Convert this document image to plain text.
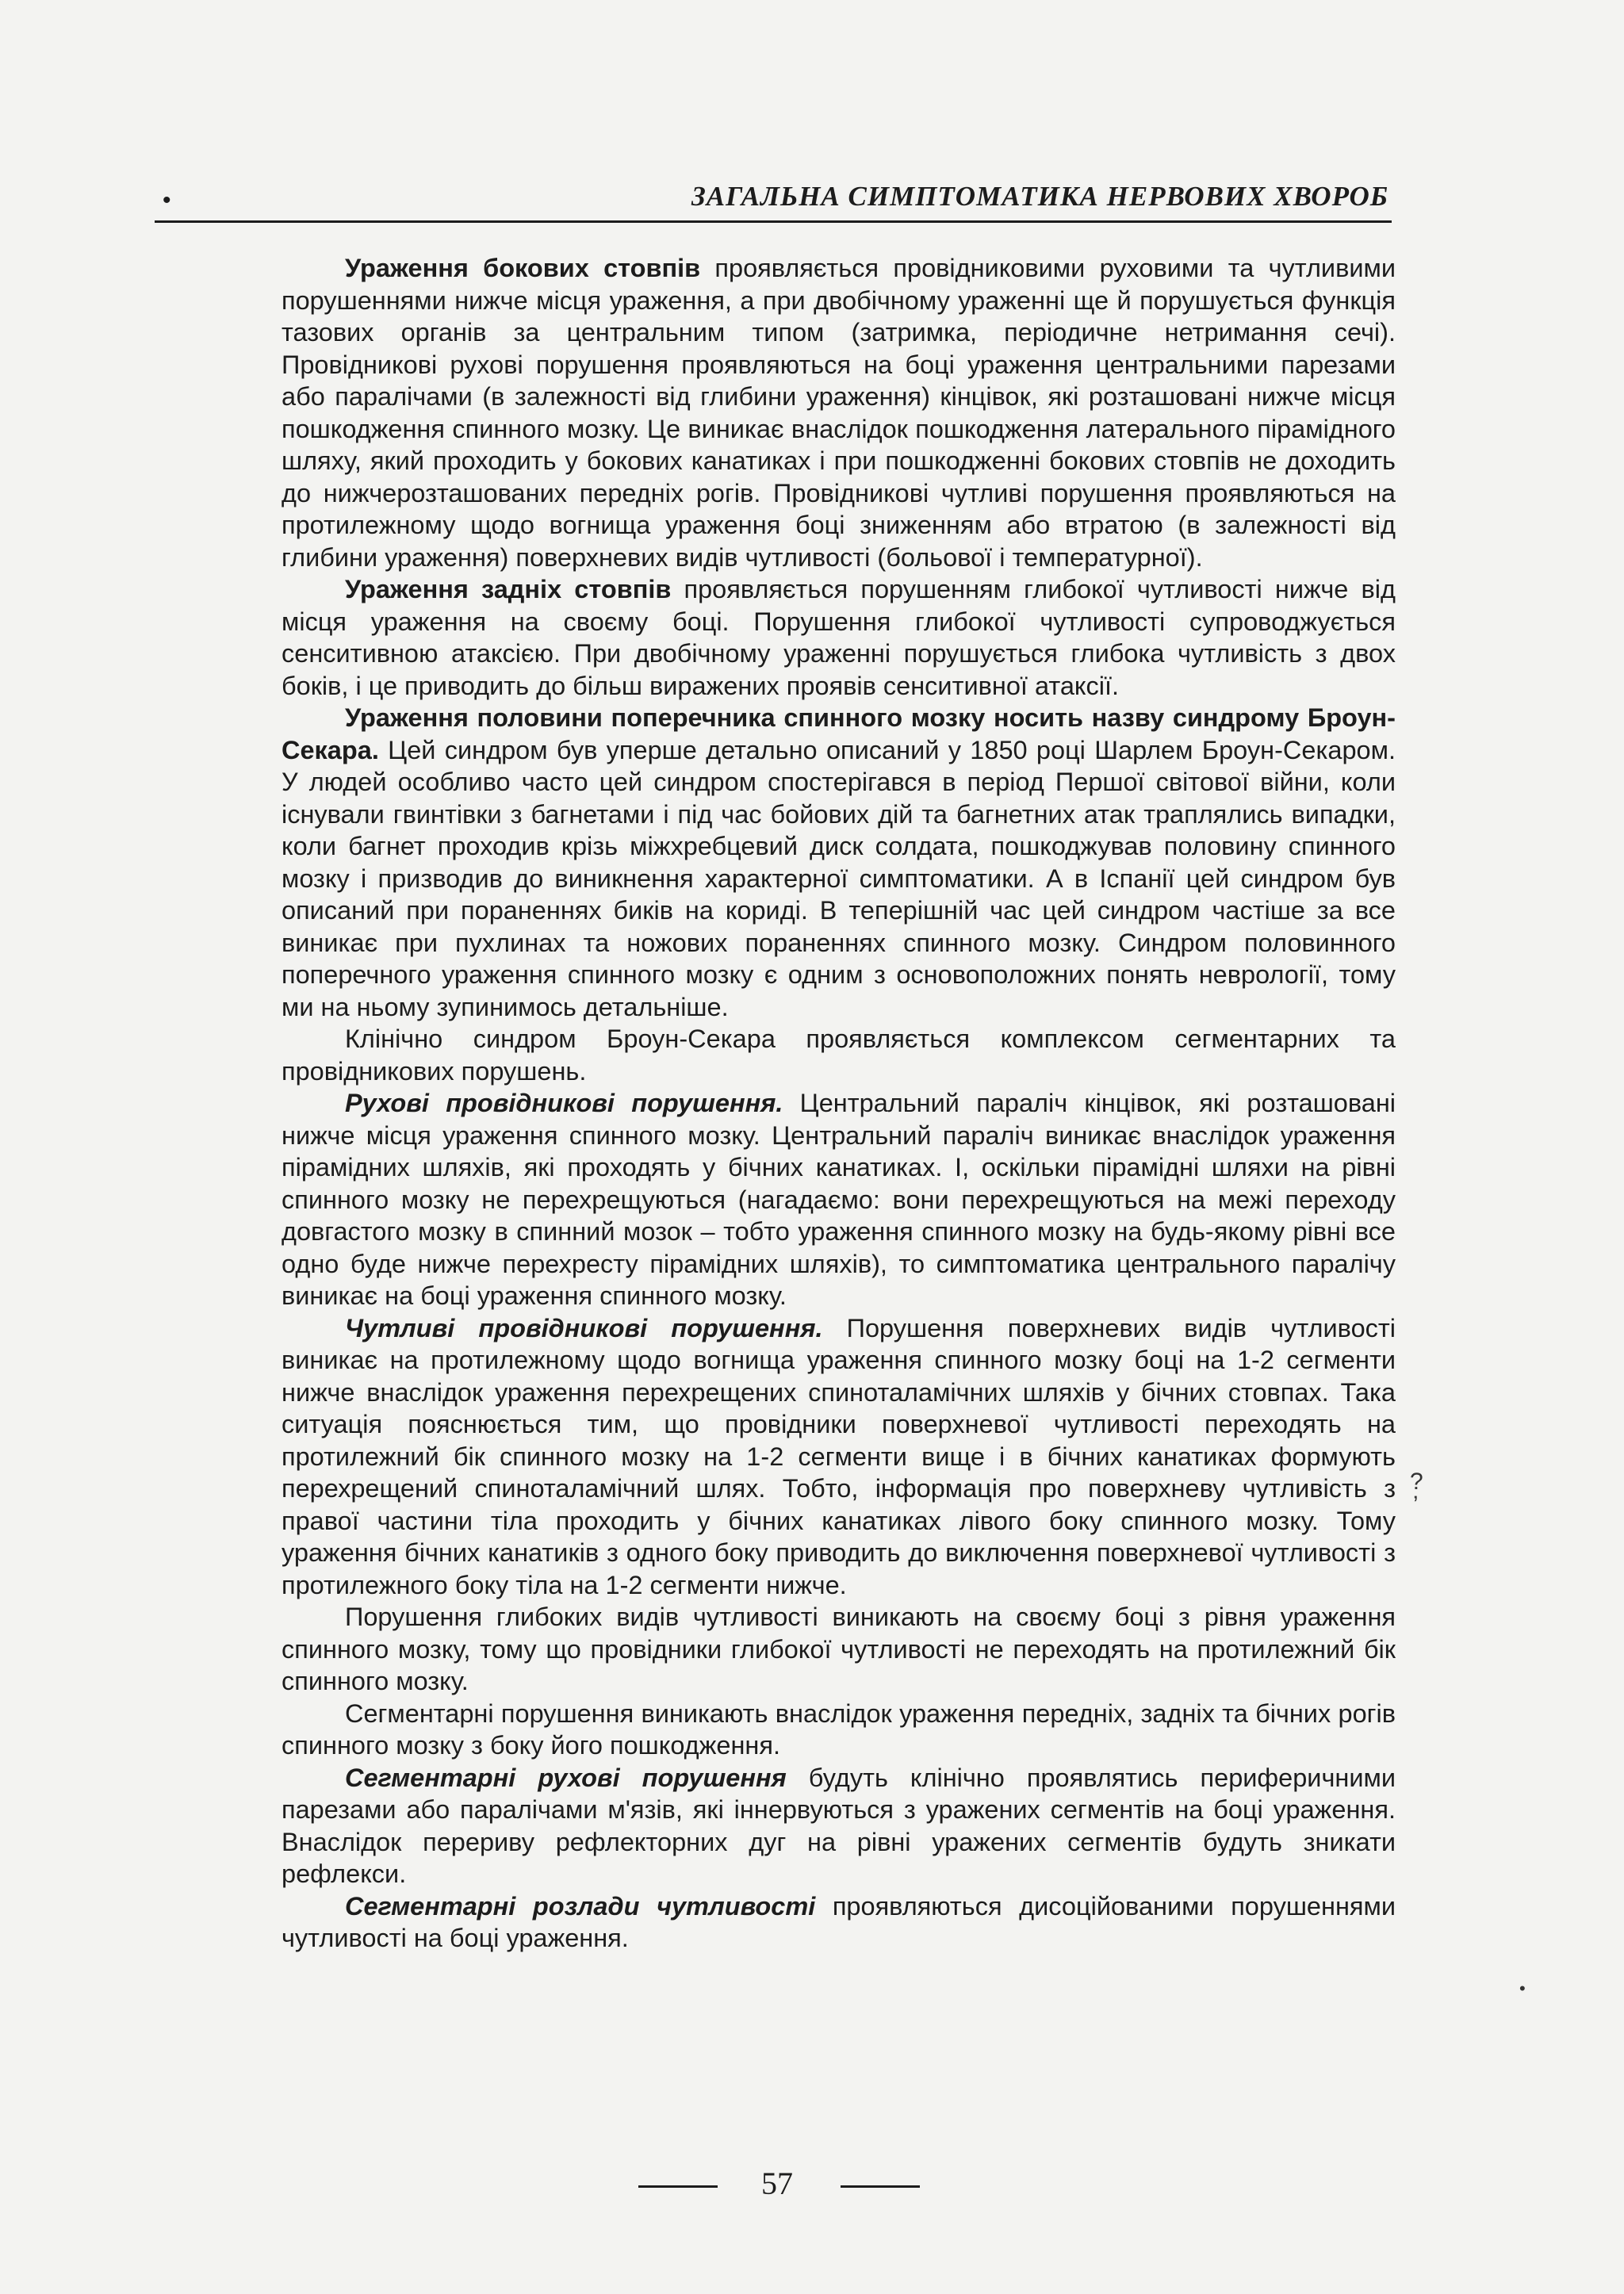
•	ЗАГАЛЬНА СИМПТОМАТИКА НЕРВОВИХ ХВОРОБ

Ураження бокових стовпів проявляється провідниковими руховими та чутливими порушеннями нижче місця ураження, а при двобічному ураженні ще й порушується функція тазових органів за центральним типом (затримка, періодичне нетримання сечі). Провідникові рухові порушення проявляються на боці ураження центральними парезами або паралічами (в залежності від глибини ураження) кінцівок, які розташовані нижче місця пошкодження спинного мозку. Це виникає внаслідок пошкодження латерального пірамідного шляху, який проходить у бокових канатиках і при пошкодженні бокових стовпів не доходить до нижчерозташованих передніх рогів. Провідникові чутливі порушення проявляються на протилежному щодо вогнища ураження боці зниженням або втратою (в залежності від глибини ураження) поверхневих видів чутливості (больової і температурної).

Ураження задніх стовпів проявляється порушенням глибокої чутливості нижче від місця ураження на своєму боці. Порушення глибокої чутливості супроводжується сенситивною атаксією. При двобічному ураженні порушується глибока чутливість з двох боків, і це приводить до більш виражених проявів сенситивної атаксії.

Ураження половини поперечника спинного мозку носить назву синдрому Броун-Секара. Цей синдром був уперше детально описаний у 1850 році Шарлем Броун-Секаром. У людей особливо часто цей синдром спостерігався в період Першої світової війни, коли існували гвинтівки з багнетами і під час бойових дій та багнетних атак траплялись випадки, коли багнет проходив крізь міжхребцевий диск солдата, пошкоджував половину спинного мозку і призводив до виникнення характерної симптоматики. А в Іспанії цей синдром був описаний при пораненнях биків на кориді. В теперішній час цей синдром частіше за все виникає при пухлинах та ножових пораненнях спинного мозку. Синдром половинного поперечного ураження спинного мозку є одним з основоположних понять неврології, тому ми на ньому зупинимось детальніше.

Клінічно синдром Броун-Секара проявляється комплексом сегментарних та провідникових порушень.

Рухові провідникові порушення. Центральний параліч кінцівок, які розташовані нижче місця ураження спинного мозку. Центральний параліч виникає внаслідок ураження пірамідних шляхів, які проходять у бічних канатиках. І, оскільки пірамідні шляхи на рівні спинного мозку не перехрещуються (нагадаємо: вони перехрещуються на межі переходу довгастого мозку в спинний мозок – тобто ураження спинного мозку на будь-якому рівні все одно буде нижче перехресту пірамідних шляхів), то симптоматика центрального паралічу виникає на боці ураження спинного мозку.

Чутливі провідникові порушення. Порушення поверхневих видів чутливості виникає на протилежному щодо вогнища ураження спинного мозку боці на 1-2 сегменти нижче внаслідок ураження перехрещених спиноталамічних шляхів у бічних стовпах. Така ситуація пояснюється тим, що провідники поверхневої чутливості переходять на протилежний бік спинного мозку на 1-2 сегменти вище і в бічних канатиках формують перехрещений спиноталамічний шлях. Тобто, інформація про поверхневу чутливість з правої частини тіла проходить у бічних канатиках лівого боку спинного мозку. Тому ураження бічних канатиків з одного боку приводить до виключення поверхневої чутливості з протилежного боку тіла на 1-2 сегменти нижче.

Порушення глибоких видів чутливості виникають на своєму боці з рівня ураження спинного мозку, тому що провідники глибокої чутливості не переходять на протилежний бік спинного мозку.

Сегментарні порушення виникають внаслідок ураження передніх, задніх та бічних рогів спинного мозку з боку його пошкодження.

Сегментарні рухові порушення будуть клінічно проявлятись периферичними парезами або паралічами м'язів, які іннервуються з уражених сегментів на боці ураження. Внаслідок перериву рефлекторних дуг на рівні уражених сегментів будуть зникати рефлекси.

Сегментарні розлади чутливості проявляються дисоційованими порушеннями чутливості на боці ураження.

?
ʼ
•
57
